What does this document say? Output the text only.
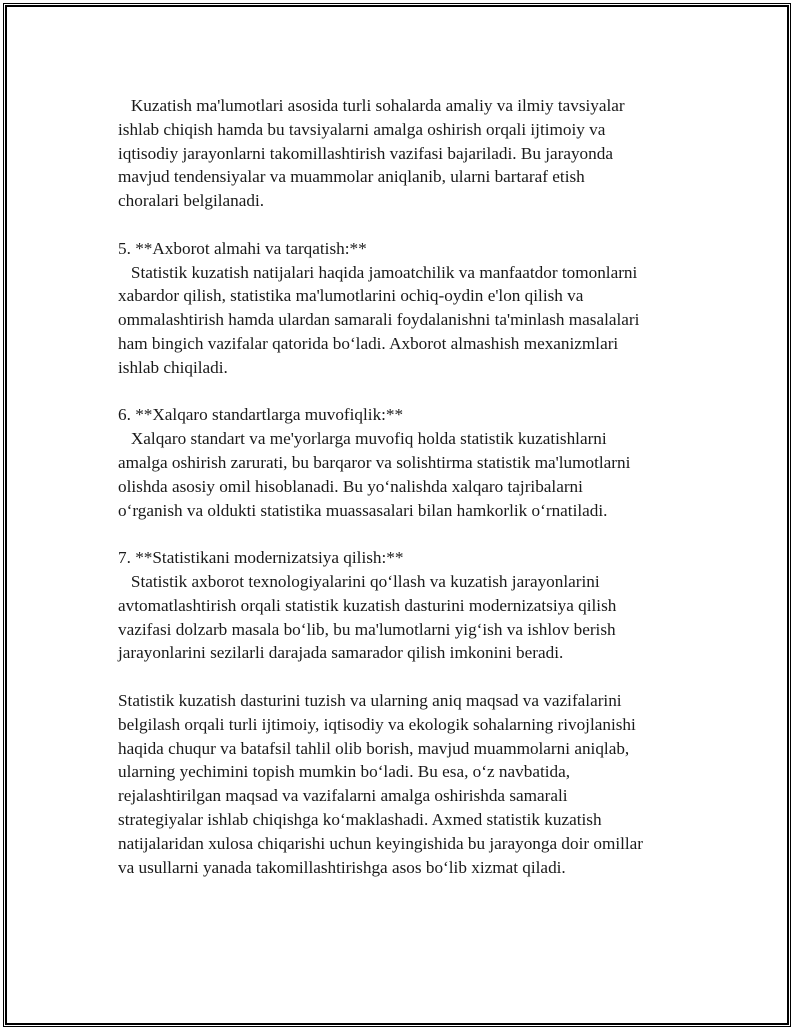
Kuzatish ma'lumotlari asosida turli sohalarda amaliy va ilmiy tavsiyalar
ishlab chiqish hamda bu tavsiyalarni amalga oshirish orqali ijtimoiy va
iqtisodiy jarayonlarni takomillashtirish vazifasi bajariladi. Bu jarayonda
mavjud tendensiyalar va muammolar aniqlanib, ularni bartaraf etish
choralari belgilanadi.
5. **Axborot almahi va tarqatish:**
Statistik kuzatish natijalari haqida jamoatchilik va manfaatdor tomonlarni
xabardor qilish, statistika ma'lumotlarini ochiq-oydin e'lon qilish va
ommalashtirish hamda ulardan samarali foydalanishni ta'minlash masalalari
ham bingich vazifalar qatorida bo‘ladi. Axborot almashish mexanizmlari
ishlab chiqiladi.
6. **Xalqaro standartlarga muvofiqlik:**
Xalqaro standart va me'yorlarga muvofiq holda statistik kuzatishlarni
amalga oshirish zarurati, bu barqaror va solishtirma statistik ma'lumotlarni
olishda asosiy omil hisoblanadi. Bu yo‘nalishda xalqaro tajribalarni
o‘rganish va oldukti statistika muassasalari bilan hamkorlik o‘rnatiladi.
7. **Statistikani modernizatsiya qilish:**
Statistik axborot texnologiyalarini qo‘llash va kuzatish jarayonlarini
avtomatlashtirish orqali statistik kuzatish dasturini modernizatsiya qilish
vazifasi dolzarb masala bo‘lib, bu ma'lumotlarni yig‘ish va ishlov berish
jarayonlarini sezilarli darajada samarador qilish imkonini beradi.
Statistik kuzatish dasturini tuzish va ularning aniq maqsad va vazifalarini
belgilash orqali turli ijtimoiy, iqtisodiy va ekologik sohalarning rivojlanishi
haqida chuqur va batafsil tahlil olib borish, mavjud muammolarni aniqlab,
ularning yechimini topish mumkin bo‘ladi. Bu esa, o‘z navbatida,
rejalashtirilgan maqsad va vazifalarni amalga oshirishda samarali
strategiyalar ishlab chiqishga ko‘maklashadi. Axmed statistik kuzatish
natijalaridan xulosa chiqarishi uchun keyingishida bu jarayonga doir omillar
va usullarni yanada takomillashtirishga asos bo‘lib xizmat qiladi.
